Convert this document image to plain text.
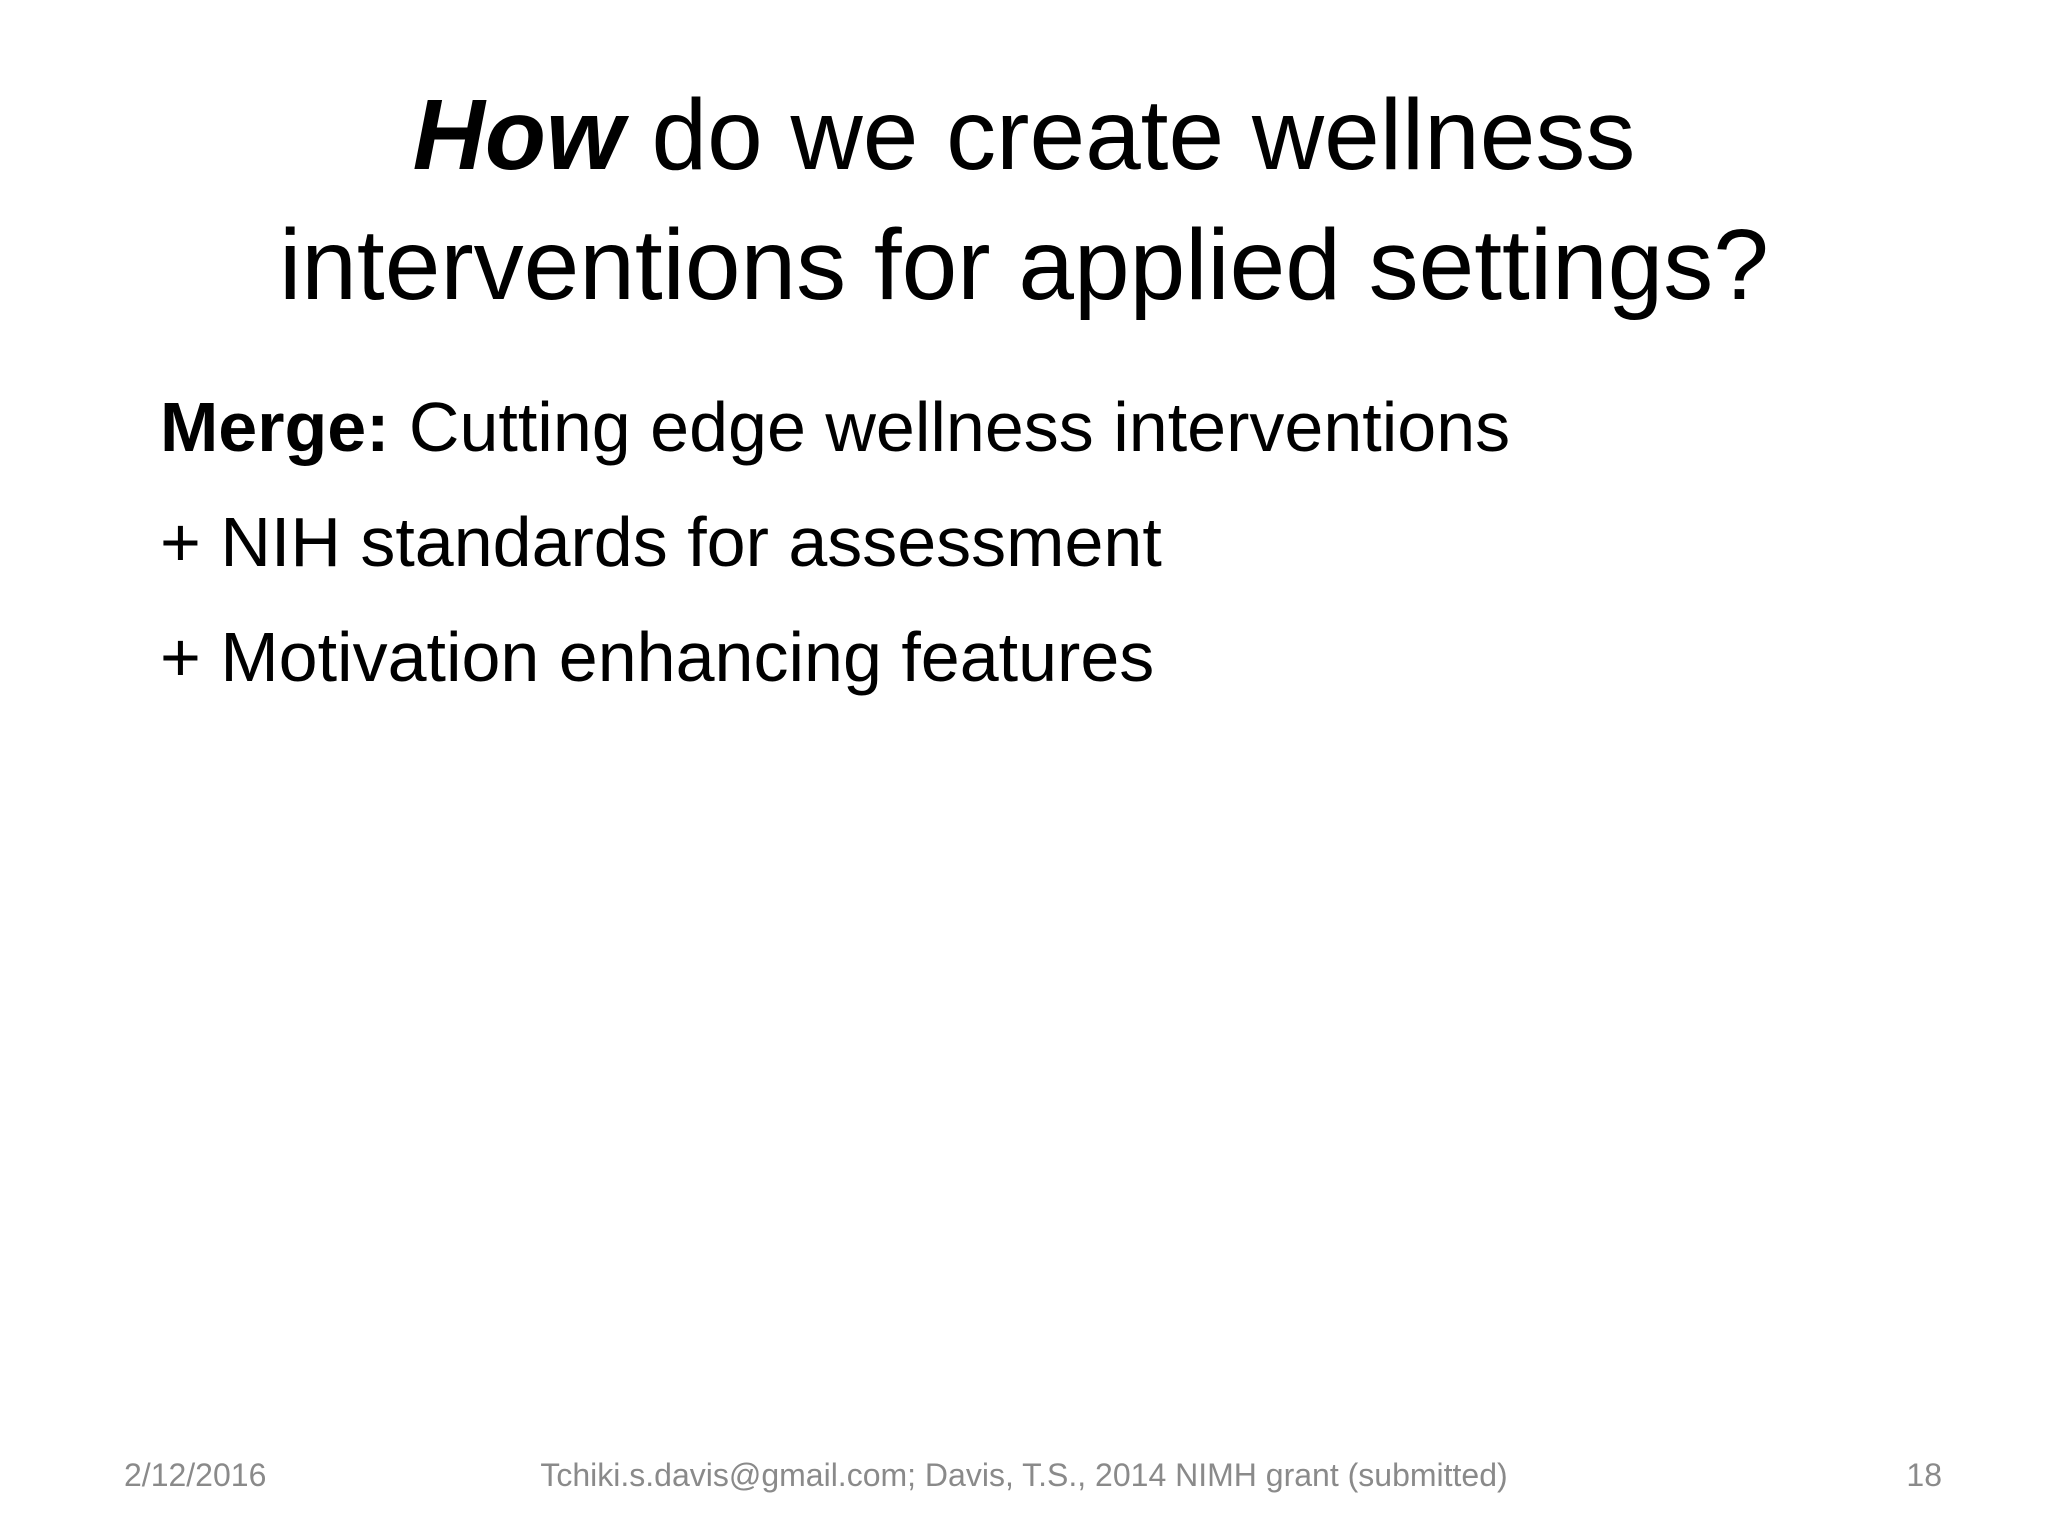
How do we create wellness
interventions for applied settings?
Merge: Cutting edge wellness interventions
+ NIH standards for assessment
+ Motivation enhancing features
2/12/2016	Tchiki.s.davis@gmail.com; Davis, T.S., 2014 NIMH grant (submitted)	18
